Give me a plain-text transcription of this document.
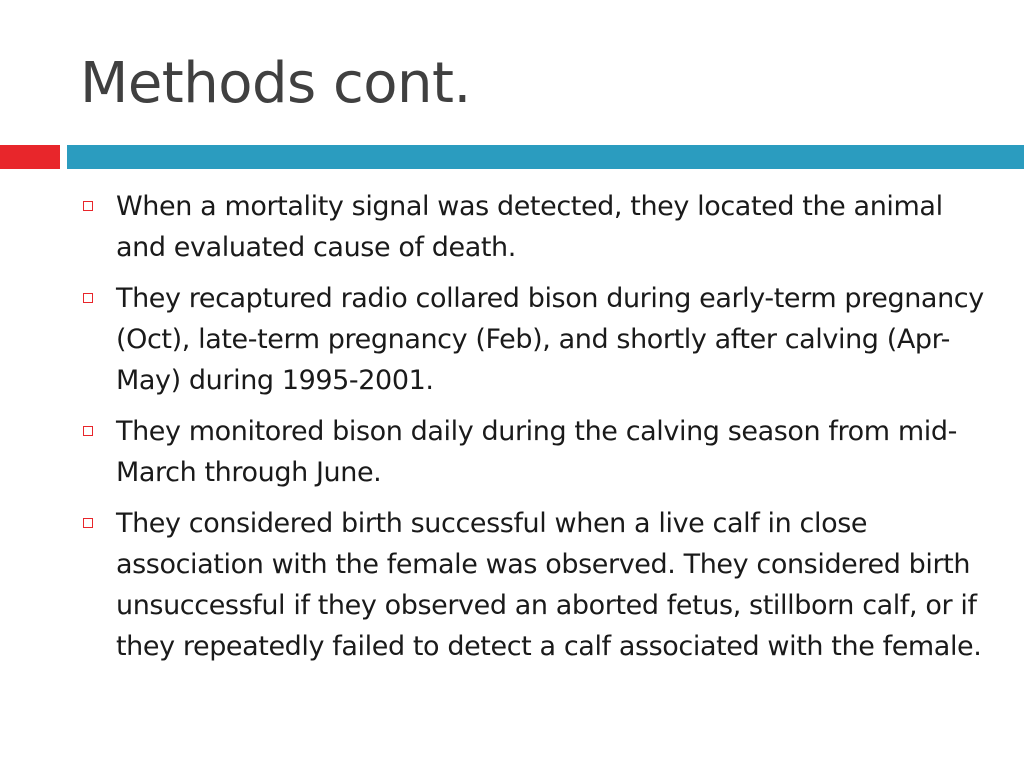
Methods cont.
When a mortality signal was detected, they located the animal and evaluated cause of death.
They recaptured radio collared bison during early-term pregnancy (Oct), late-term pregnancy (Feb), and shortly after calving (Apr-May) during 1995-2001.
They monitored bison daily during the calving season from mid-March through June.
They considered birth successful when a live calf in close association with the female was observed. They considered birth unsuccessful if they observed an aborted fetus, stillborn calf, or if they repeatedly failed to detect a calf associated with the female.
